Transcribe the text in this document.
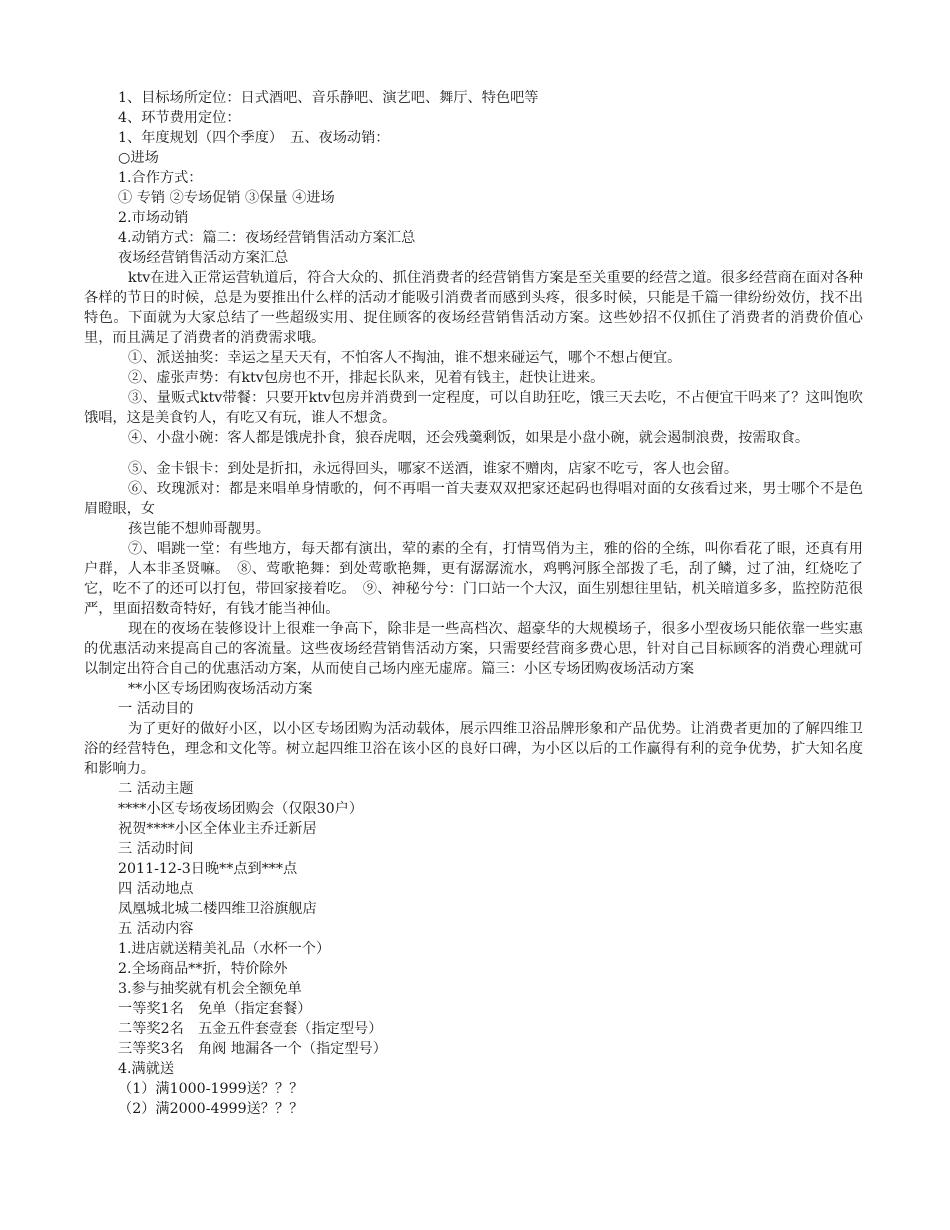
1、目标场所定位：日式酒吧、音乐静吧、演艺吧、舞厅、特色吧等

4、环节费用定位：

1、年度规划（四个季度）　五、夜场动销：

○进场

1.合作方式：

① 专销 ②专场促销 ③保量 ④进场

2.市场动销

4.动销方式：篇二：夜场经营销售活动方案汇总

夜场经营销售活动方案汇总

ktv在进入正常运营轨道后，符合大众的、抓住消费者的经营销售方案是至关重要的经营之道。很多经营商在面对各种各样的节日的时候，总是为要推出什么样的活动才能吸引消费者而感到头疼，很多时候，只能是千篇一律纷纷效仿，找不出特色。下面就为大家总结了一些超级实用、捉住顾客的夜场经营销售活动方案。这些妙招不仅抓住了消费者的消费价值心里，而且满足了消费者的消费需求哦。

①、派送抽奖：幸运之星天天有，不怕客人不掏油，谁不想来碰运气，哪个不想占便宜。

②、虚张声势：有ktv包房也不开，排起长队来，见着有钱主，赶快让进来。

③、量贩式ktv带餐：只要开ktv包房并消费到一定程度，可以自助狂吃，饿三天去吃，不占便宜干吗来了？这叫饱吹饿唱，这是美食钓人，有吃又有玩，谁人不想贪。

④、小盘小碗：客人都是饿虎扑食，狼吞虎咽，还会残羹剩饭，如果是小盘小碗，就会遏制浪费，按需取食。

⑤、金卡银卡：到处是折扣，永远得回头，哪家不送酒，谁家不赠肉，店家不吃亏，客人也会留。

⑥、玫瑰派对：都是来唱单身情歌的，何不再唱一首夫妻双双把家还起码也得唱对面的女孩看过来，男士哪个不是色眉瞪眼，女

孩岂能不想帅哥靓男。

⑦、唱跳一堂：有些地方，每天都有演出，荤的素的全有，打情骂俏为主，雅的俗的全练，叫你看花了眼，还真有用户群，人本非圣贤嘛。　⑧、莺歌艳舞：到处莺歌艳舞，更有潺潺流水，鸡鸭河豚全部拨了毛，刮了鳞，过了油，红烧吃了它，吃不了的还可以打包，带回家接着吃。　⑨、神秘兮兮：门口站一个大汉，面生别想往里钻，机关暗道多多，监控防范很严，里面招数奇特好，有钱才能当神仙。

现在的夜场在装修设计上很难一争高下，除非是一些高档次、超豪华的大规模场子，很多小型夜场只能依靠一些实惠的优惠活动来提高自己的客流量。这些夜场经营销售活动方案，只需要经营商多费心思，针对自己目标顾客的消费心理就可以制定出符合自己的优惠活动方案，从而使自己场内座无虚席。篇三：小区专场团购夜场活动方案

**小区专场团购夜场活动方案

一 活动目的

为了更好的做好小区，以小区专场团购为活动载体，展示四维卫浴品牌形象和产品优势。让消费者更加的了解四维卫浴的经营特色，理念和文化等。树立起四维卫浴在该小区的良好口碑，为小区以后的工作赢得有利的竞争优势，扩大知名度和影响力。

二 活动主题

****小区专场夜场团购会（仅限30户）

祝贺****小区全体业主乔迁新居

三 活动时间

2011-12-3日晚**点到***点

四 活动地点

凤凰城北城二楼四维卫浴旗舰店

五 活动内容

1.进店就送精美礼品（水杯一个）

2.全场商品**折，特价除外

3.参与抽奖就有机会全额免单

一等奖1名　免单（指定套餐）

二等奖2名　五金五件套壹套（指定型号）

三等奖3名　角阀 地漏各一个（指定型号）

4.满就送

（1）满1000-1999送？？？

（2）满2000-4999送？？？
